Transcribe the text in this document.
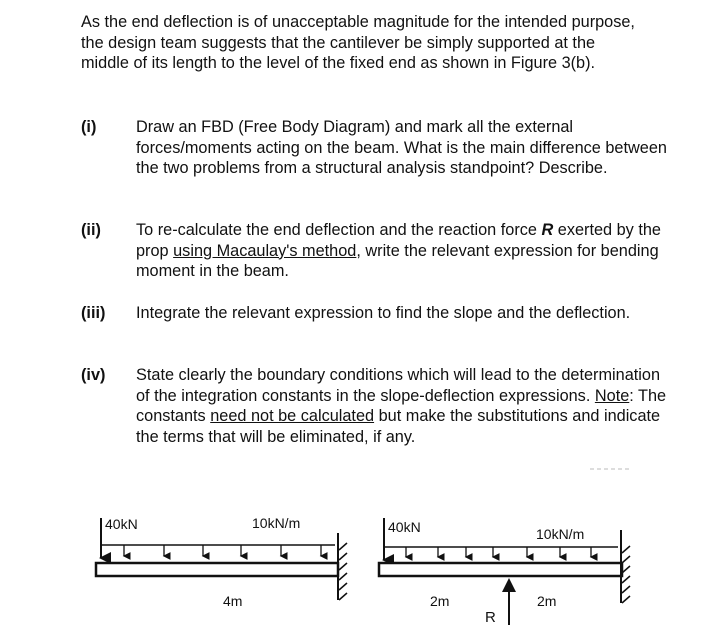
As the end deflection is of unacceptable magnitude for the intended purpose, the design team suggests that the cantilever be simply supported at the middle of its length to the level of the fixed end as shown in Figure 3(b).
(i) Draw an FBD (Free Body Diagram) and mark all the external forces/moments acting on the beam. What is the main difference between the two problems from a structural analysis standpoint? Describe.
(ii) To re-calculate the end deflection and the reaction force R exerted by the prop using Macaulay's method, write the relevant expression for bending moment in the beam.
(iii) Integrate the relevant expression to find the slope and the deflection.
(iv) State clearly the boundary conditions which will lead to the determination of the integration constants in the slope-deflection expressions. Note: The constants need not be calculated but make the substitutions and indicate the terms that will be eliminated, if any.
40kN	10kN/m
4m
40kN	10kN/m
2m	2m
R
